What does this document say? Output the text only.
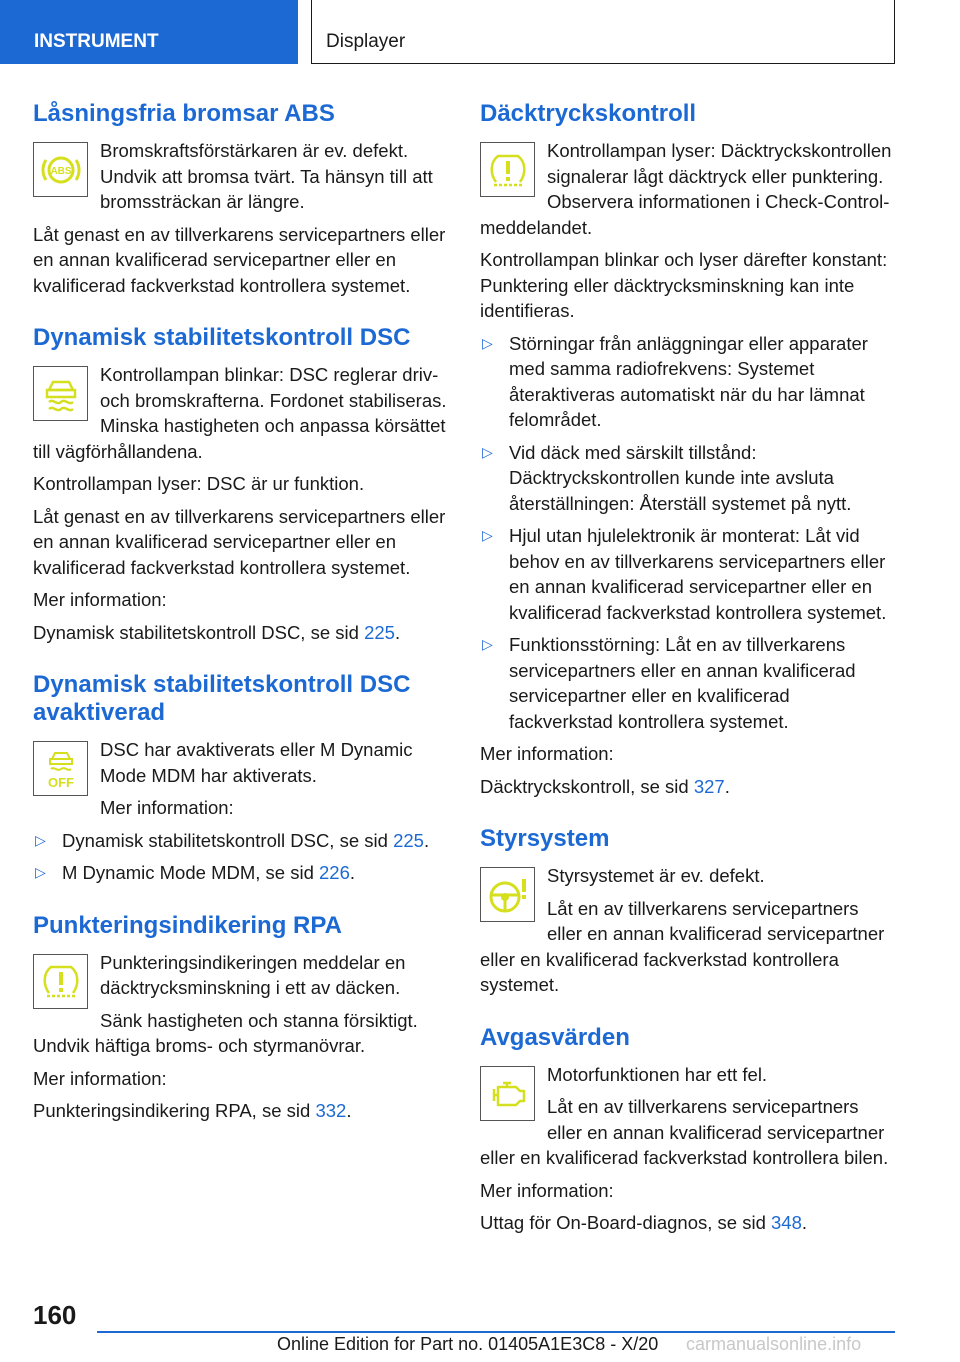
INSTRUMENT	Displayer
Låsningsfria bromsar ABS
ABS

Bromskraftsförstärkaren är ev. defekt. Undvik att bromsa tvärt. Ta hänsyn till att bromssträckan är längre.

Låt genast en av tillverkarens servicepartners eller en annan kvalificerad servicepartner eller en kvalificerad fackverkstad kontrollera systemet.

Dynamisk stabilitetskontroll DSC

Kontrollampan blinkar: DSC reglerar driv- och bromskrafterna. Fordonet stabiliseras. Minska hastigheten och anpassa körsättet till vägförhållandena.

Kontrollampan lyser: DSC är ur funktion.

Låt genast en av tillverkarens servicepartners eller en annan kvalificerad servicepartner eller en kvalificerad fackverkstad kontrollera systemet.

Mer information:

Dynamisk stabilitetskontroll DSC, se sid 225.

Dynamisk stabilitetskontroll DSC avaktiverad
OFF

DSC har avaktiverats eller M Dynamic Mode MDM har aktiverats.

Mer information:

▷ Dynamisk stabilitetskontroll DSC, se sid 225.
▷ M Dynamic Mode MDM, se sid 226.
Punkteringsindikering RPA

Punkteringsindikeringen meddelar en däcktrycksminskning i ett av däcken.

Sänk hastigheten och stanna försiktigt. Undvik häftiga broms- och styrmanövrar.

Mer information:

Punkteringsindikering RPA, se sid 332.

Däcktryckskontroll

Kontrollampan lyser: Däcktryckskontrollen signalerar lågt däcktryck eller punktering. Observera informationen i Check-Control-meddelandet.

Kontrollampan blinkar och lyser därefter konstant: Punktering eller däcktrycksminskning kan inte identifieras.

▷ Störningar från anläggningar eller apparater med samma radiofrekvens: Systemet återaktiveras automatiskt när du har lämnat felområdet.
▷ Vid däck med särskilt tillstånd: Däcktryckskontrollen kunde inte avsluta återställningen: Återställ systemet på nytt.
▷ Hjul utan hjulelektronik är monterat: Låt vid behov en av tillverkarens servicepartners eller en annan kvalificerad servicepartner eller en kvalificerad fackverkstad kontrollera systemet.
▷ Funktionsstörning: Låt en av tillverkarens servicepartners eller en annan kvalificerad servicepartner eller en kvalificerad fackverkstad kontrollera systemet.

Mer information:

Däcktryckskontroll, se sid 327.

Styrsystem

Styrsystemet är ev. defekt.

Låt en av tillverkarens servicepartners eller en annan kvalificerad servicepartner eller en kvalificerad fackverkstad kontrollera systemet.

Avgasvärden

Motorfunktionen har ett fel.

Låt en av tillverkarens servicepartners eller en annan kvalificerad servicepartner eller en kvalificerad fackverkstad kontrollera bilen.

Mer information:

Uttag för On-Board-diagnos, se sid 348.

160
Online Edition for Part no. 01405A1E3C8 - X/20 carmanualsonline.info
